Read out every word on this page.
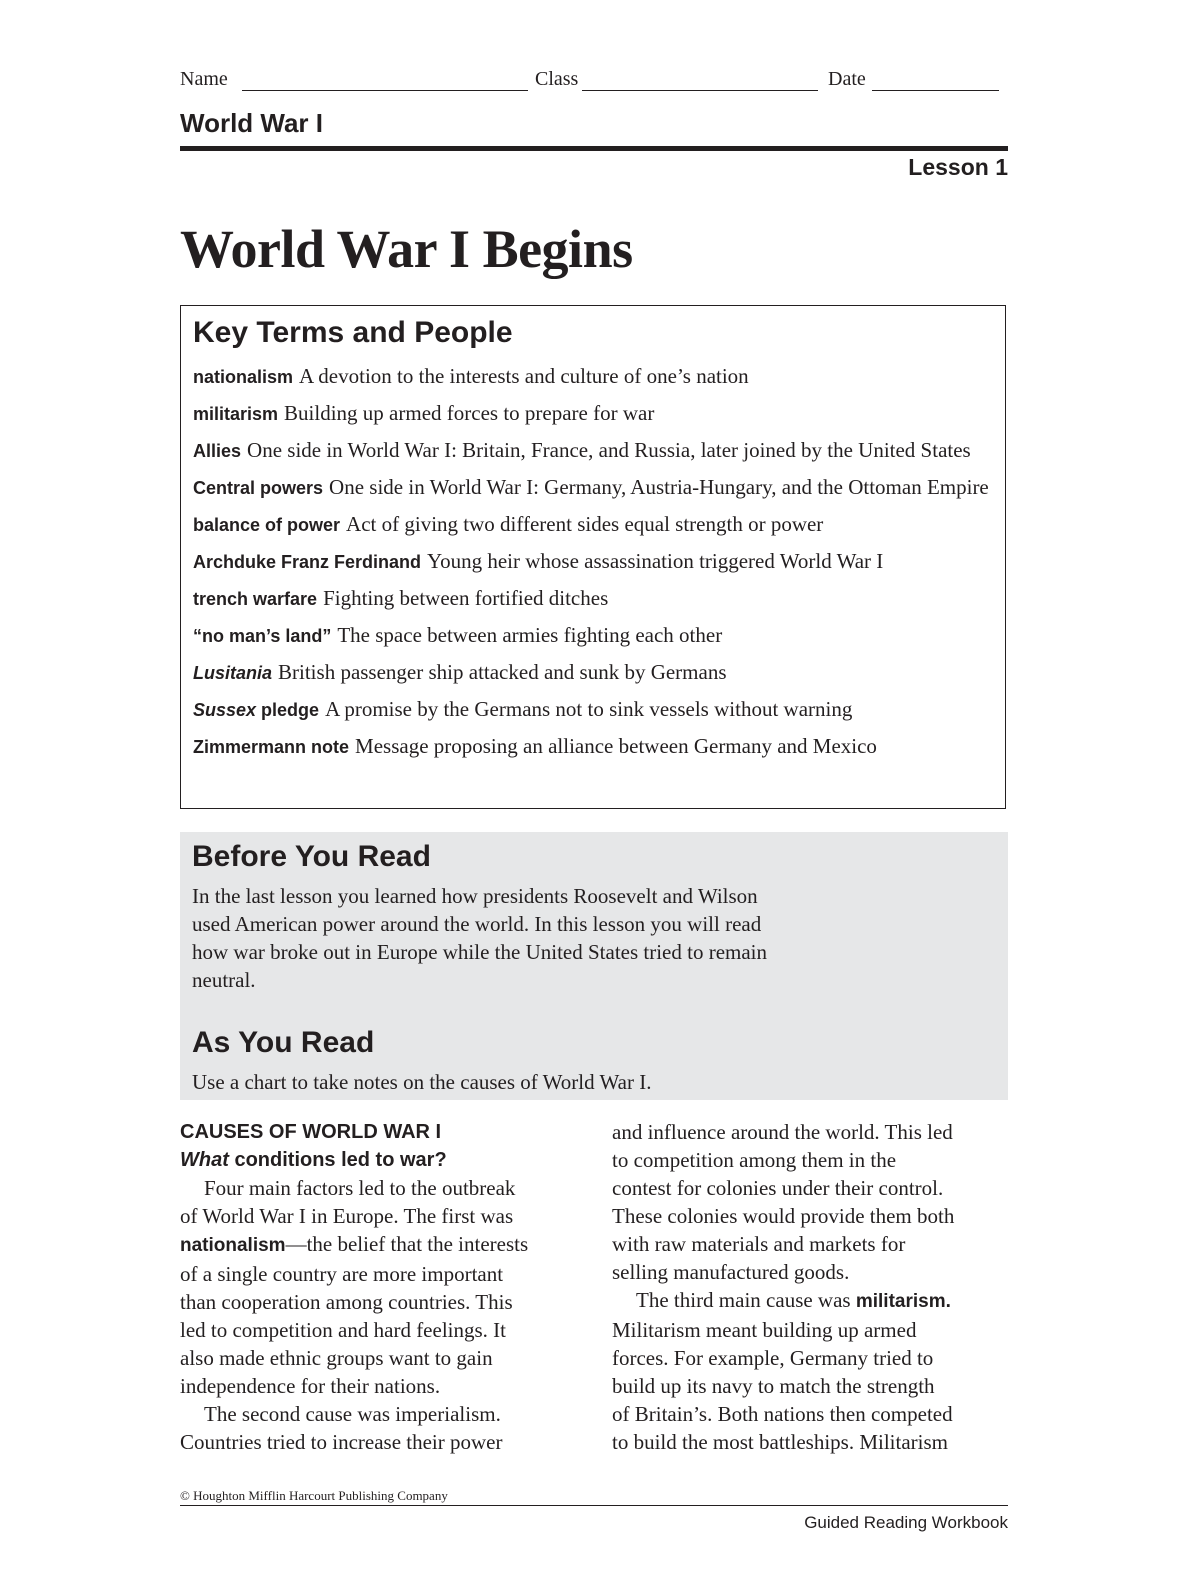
Name	Class	Date
World War I
Lesson 1
World War I Begins
Key Terms and People
nationalism A devotion to the interests and culture of one’s nation
militarism Building up armed forces to prepare for war
Allies One side in World War I: Britain, France, and Russia, later joined by the United States
Central powers One side in World War I: Germany, Austria-Hungary, and the Ottoman Empire
balance of power Act of giving two different sides equal strength or power
Archduke Franz Ferdinand Young heir whose assassination triggered World War I
trench warfare Fighting between fortified ditches
“no man’s land” The space between armies fighting each other
Lusitania British passenger ship attacked and sunk by Germans
Sussex pledge A promise by the Germans not to sink vessels without warning
Zimmermann note Message proposing an alliance between Germany and Mexico
Before You Read
In the last lesson you learned how presidents Roosevelt and Wilson
used American power around the world. In this lesson you will read
how war broke out in Europe while the United States tried to remain
neutral.
As You Read
Use a chart to take notes on the causes of World War I.
CAUSES OF WORLD WAR I
What conditions led to war?
Four main factors led to the outbreak
of World War I in Europe. The first was
nationalism—the belief that the interests
of a single country are more important
than cooperation among countries. This
led to competition and hard feelings. It
also made ethnic groups want to gain
independence for their nations.
The second cause was imperialism.
Countries tried to increase their power
and influence around the world. This led
to competition among them in the
contest for colonies under their control.
These colonies would provide them both
with raw materials and markets for
selling manufactured goods.
The third main cause was militarism.
Militarism meant building up armed
forces. For example, Germany tried to
build up its navy to match the strength
of Britain’s. Both nations then competed
to build the most battleships. Militarism
© Houghton Mifflin Harcourt Publishing Company
Guided Reading Workbook
